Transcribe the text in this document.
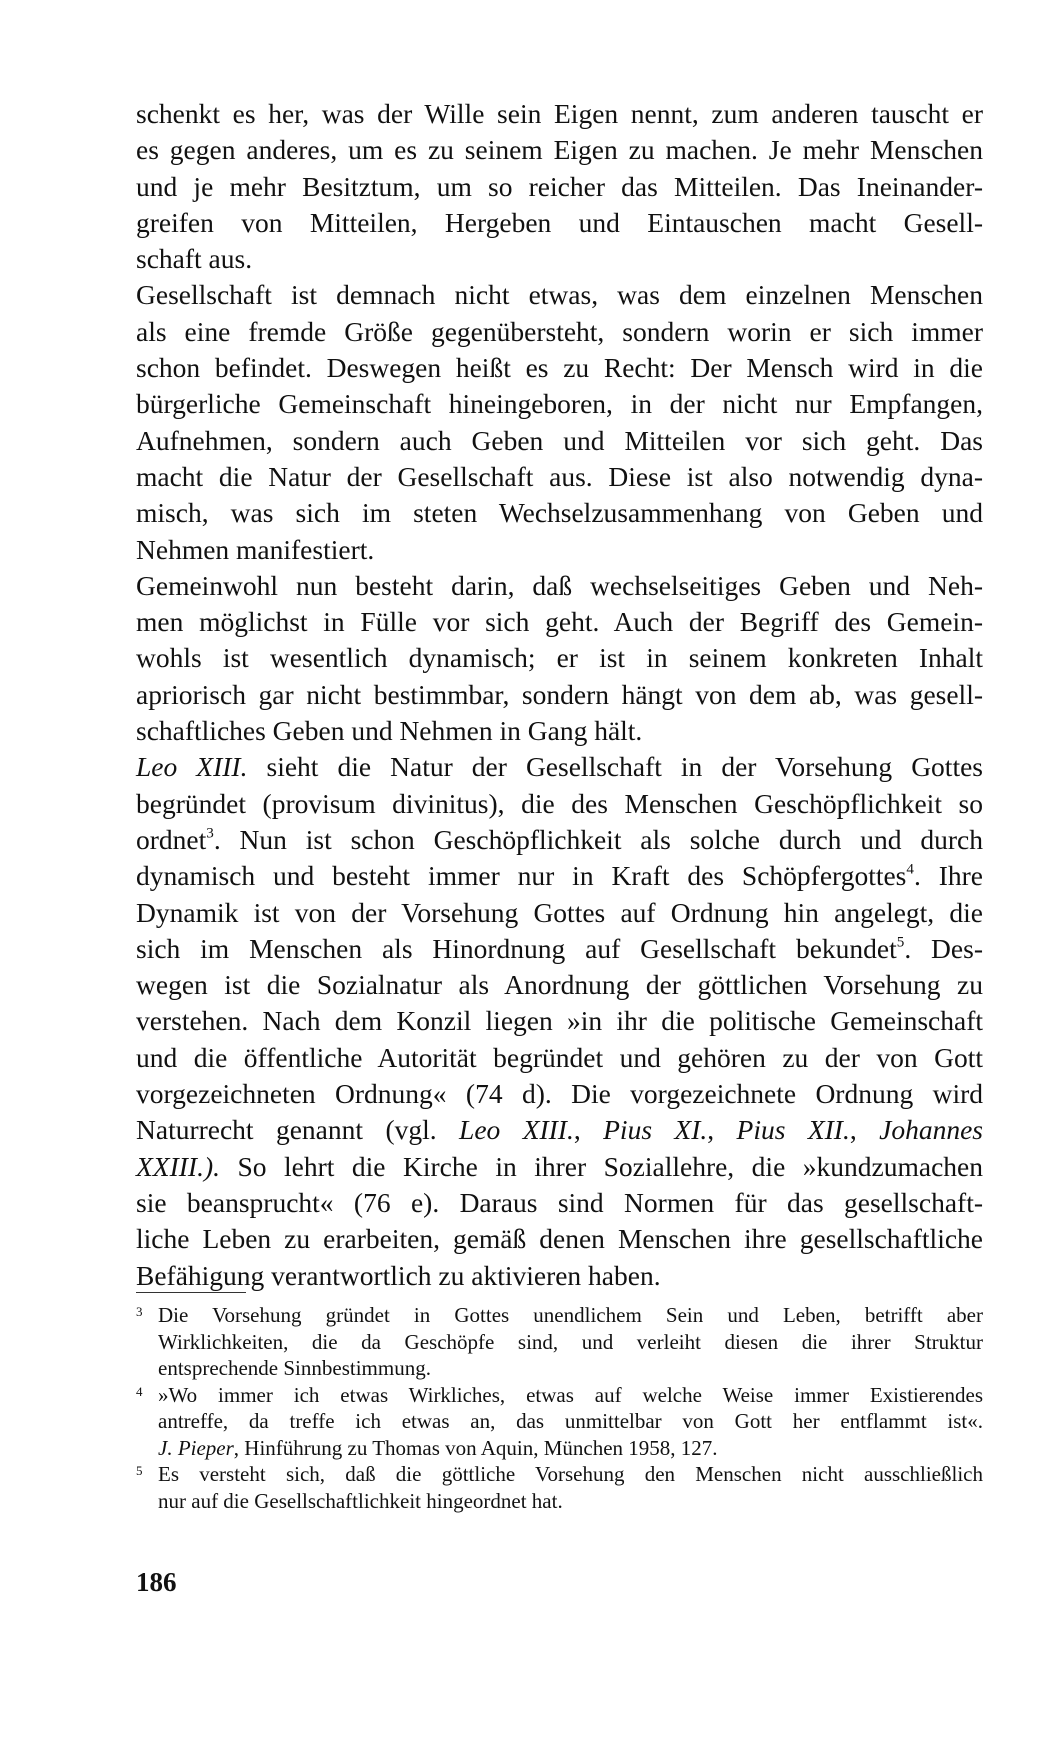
schenkt es her, was der Wille sein Eigen nennt, zum anderen tauscht er
es gegen anderes, um es zu seinem Eigen zu machen. Je mehr Menschen
und je mehr Besitztum, um so reicher das Mitteilen. Das Ineinander-
greifen von Mitteilen, Hergeben und Eintauschen macht Gesell-
schaft aus.
Gesellschaft ist demnach nicht etwas, was dem einzelnen Menschen
als eine fremde Größe gegenübersteht, sondern worin er sich immer
schon befindet. Deswegen heißt es zu Recht: Der Mensch wird in die
bürgerliche Gemeinschaft hineingeboren, in der nicht nur Empfangen,
Aufnehmen, sondern auch Geben und Mitteilen vor sich geht. Das
macht die Natur der Gesellschaft aus. Diese ist also notwendig dyna-
misch, was sich im steten Wechselzusammenhang von Geben und
Nehmen manifestiert.
Gemeinwohl nun besteht darin, daß wechselseitiges Geben und Neh-
men möglichst in Fülle vor sich geht. Auch der Begriff des Gemein-
wohls ist wesentlich dynamisch; er ist in seinem konkreten Inhalt
apriorisch gar nicht bestimmbar, sondern hängt von dem ab, was gesell-
schaftliches Geben und Nehmen in Gang hält.
Leo XIII. sieht die Natur der Gesellschaft in der Vorsehung Gottes
begründet (provisum divinitus), die des Menschen Geschöpflichkeit so
ordnet$^3$. Nun ist schon Geschöpflichkeit als solche durch und durch
dynamisch und besteht immer nur in Kraft des Schöpfergottes$^4$. Ihre
Dynamik ist von der Vorsehung Gottes auf Ordnung hin angelegt, die
sich im Menschen als Hinordnung auf Gesellschaft bekundet$^5$. Des-
wegen ist die Sozialnatur als Anordnung der göttlichen Vorsehung zu
verstehen. Nach dem Konzil liegen »in ihr die politische Gemeinschaft
und die öffentliche Autorität begründet und gehören zu der von Gott
vorgezeichneten Ordnung« (74 d). Die vorgezeichnete Ordnung wird
Naturrecht genannt (vgl. Leo XIII., Pius XI., Pius XII., Johannes
XXIII.). So lehrt die Kirche in ihrer Soziallehre, die »kundzumachen
sie beansprucht« (76 e). Daraus sind Normen für das gesellschaft-
liche Leben zu erarbeiten, gemäß denen Menschen ihre gesellschaftliche
Befähigung verantwortlich zu aktivieren haben.
3 Die Vorsehung gründet in Gottes unendlichem Sein und Leben, betrifft aber
Wirklichkeiten, die da Geschöpfe sind, und verleiht diesen die ihrer Struktur
entsprechende Sinnbestimmung.
4 »Wo immer ich etwas Wirkliches, etwas auf welche Weise immer Existierendes
antreffe, da treffe ich etwas an, das unmittelbar von Gott her entflammt ist«.
J. Pieper, Hinführung zu Thomas von Aquin, München 1958, 127.
5 Es versteht sich, daß die göttliche Vorsehung den Menschen nicht ausschließlich
nur auf die Gesellschaftlichkeit hingeordnet hat.
186
